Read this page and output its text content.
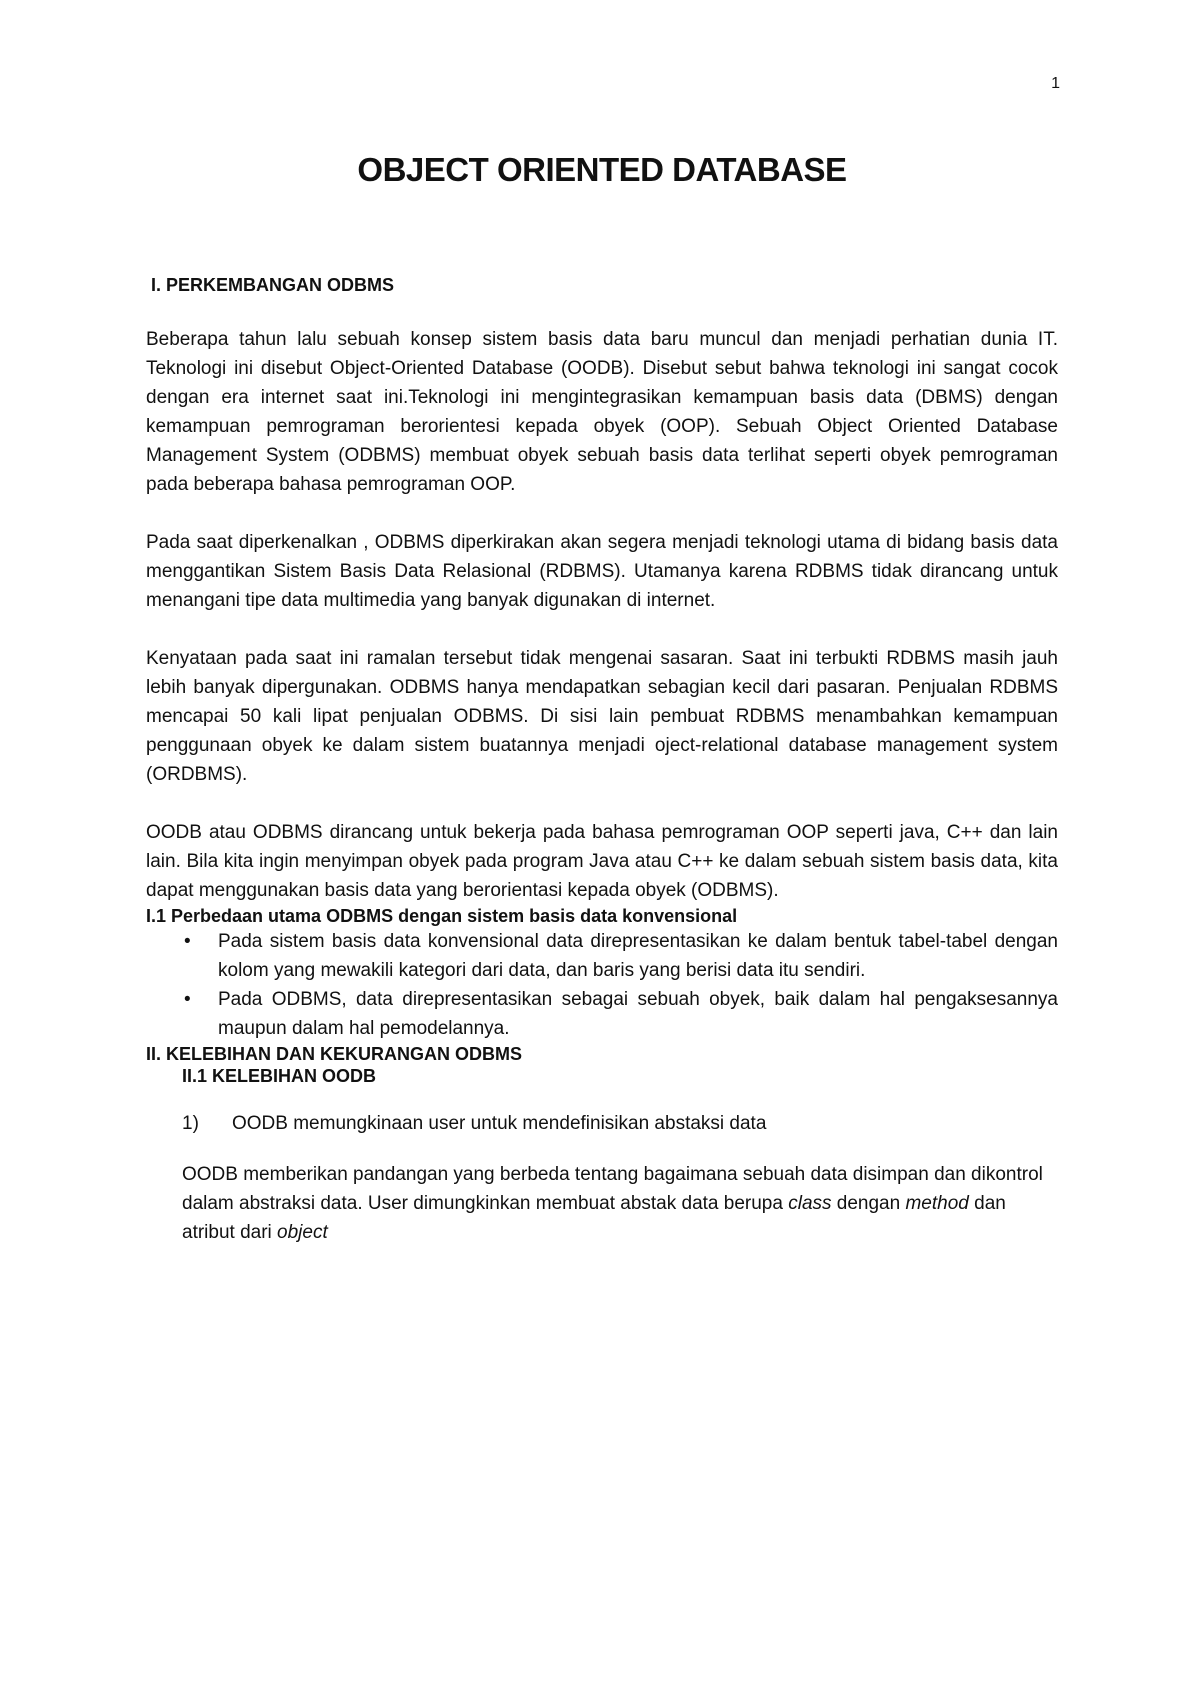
1
OBJECT ORIENTED DATABASE
I. PERKEMBANGAN ODBMS

Beberapa tahun lalu sebuah konsep sistem basis data baru muncul dan menjadi perhatian dunia IT. Teknologi ini disebut Object-Oriented Database (OODB). Disebut sebut bahwa teknologi ini sangat cocok dengan era internet saat ini.Teknologi ini mengintegrasikan kemampuan basis data (DBMS) dengan kemampuan pemrograman berorientesi kepada obyek (OOP). Sebuah Object Oriented Database Management System (ODBMS) membuat obyek sebuah basis data terlihat seperti obyek pemrograman pada beberapa bahasa pemrograman OOP.

Pada saat diperkenalkan , ODBMS diperkirakan akan segera menjadi teknologi utama di bidang basis data menggantikan Sistem Basis Data Relasional (RDBMS). Utamanya karena RDBMS tidak dirancang untuk menangani tipe data multimedia yang banyak digunakan di internet.

Kenyataan pada saat ini ramalan tersebut tidak mengenai sasaran. Saat ini terbukti RDBMS masih jauh lebih banyak dipergunakan. ODBMS hanya mendapatkan sebagian kecil dari pasaran. Penjualan RDBMS mencapai 50 kali lipat penjualan ODBMS. Di sisi lain pembuat RDBMS menambahkan kemampuan penggunaan obyek ke dalam sistem buatannya menjadi oject-relational database management system (ORDBMS).

OODB atau ODBMS dirancang untuk bekerja pada bahasa pemrograman OOP seperti java, C++ dan lain lain. Bila kita ingin menyimpan obyek pada program Java atau C++ ke dalam sebuah sistem basis data, kita dapat menggunakan basis data yang berorientasi kepada obyek (ODBMS).

I.1 Perbedaan utama ODBMS dengan sistem basis data konvensional
• Pada sistem basis data konvensional data direpresentasikan ke dalam bentuk tabel-tabel dengan kolom yang mewakili kategori dari data, dan baris yang berisi data itu sendiri.
• Pada ODBMS, data direpresentasikan sebagai sebuah obyek, baik dalam hal pengaksesannya maupun dalam hal pemodelannya.
II. KELEBIHAN DAN KEKURANGAN ODBMS
II.1 KELEBIHAN OODB
1) OODB memungkinaan user untuk mendefinisikan abstaksi data

OODB memberikan pandangan yang berbeda tentang bagaimana sebuah data disimpan dan dikontrol dalam abstraksi data. User dimungkinkan membuat abstak data berupa class dengan method dan atribut dari object
